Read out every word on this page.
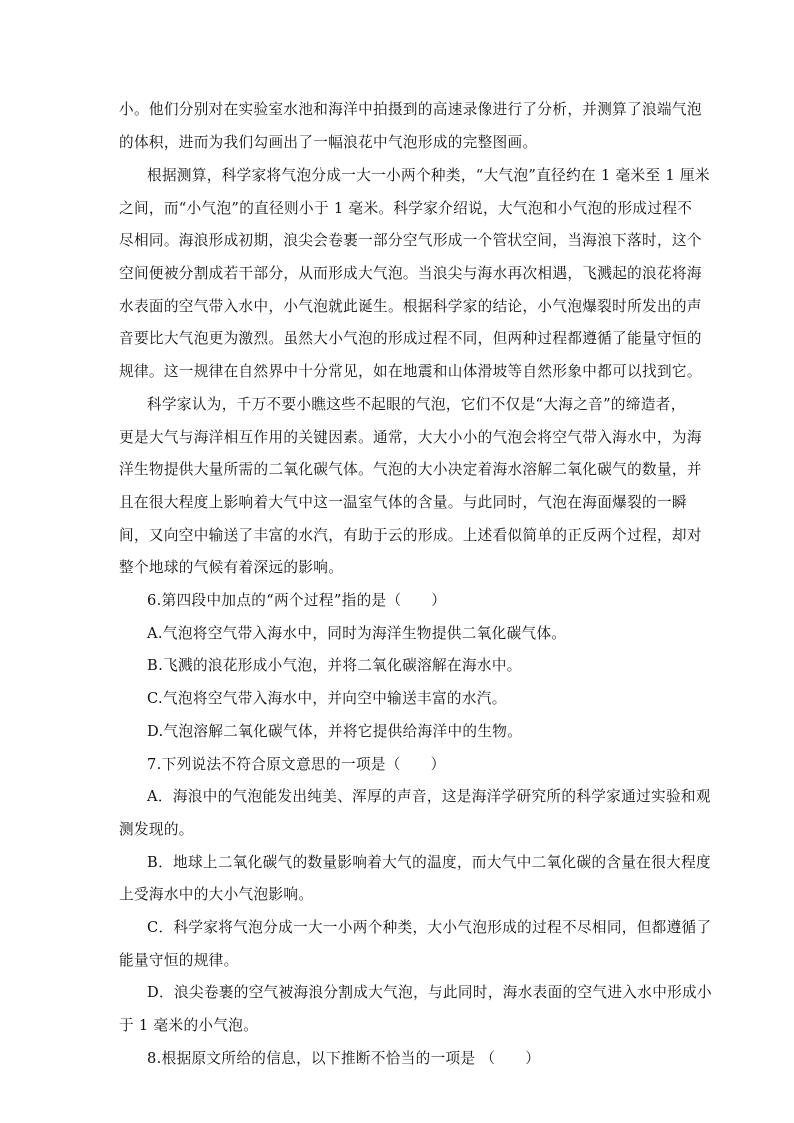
小。他们分别对在实验室水池和海洋中拍摄到的高速录像进行了分析，并测算了浪端气泡
的体积，进而为我们勾画出了一幅浪花中气泡形成的完整图画。
根据测算，科学家将气泡分成一大一小两个种类，“大气泡”直径约在 1 毫米至 1 厘米
之间，而“小气泡”的直径则小于 1 毫米。科学家介绍说，大气泡和小气泡的形成过程不
尽相同。海浪形成初期，浪尖会卷裹一部分空气形成一个管状空间，当海浪下落时，这个
空间便被分割成若干部分，从而形成大气泡。当浪尖与海水再次相遇，飞溅起的浪花将海
水表面的空气带入水中，小气泡就此诞生。根据科学家的结论，小气泡爆裂时所发出的声
音要比大气泡更为激烈。虽然大小气泡的形成过程不同，但两种过程都遵循了能量守恒的
规律。这一规律在自然界中十分常见，如在地震和山体滑坡等自然形象中都可以找到它。
科学家认为，千万不要小瞧这些不起眼的气泡，它们不仅是“大海之音”的缔造者，
更是大气与海洋相互作用的关键因素。通常，大大小小的气泡会将空气带入海水中，为海
洋生物提供大量所需的二氧化碳气体。气泡的大小决定着海水溶解二氧化碳气的数量，并
且在很大程度上影响着大气中这一温室气体的含量。与此同时，气泡在海面爆裂的一瞬
间，又向空中输送了丰富的水汽，有助于云的形成。上述看似简单的正反两个过程，却对
整个地球的气候有着深远的影响。
6.第四段中加点的“两个过程”指的是（　　）
A.气泡将空气带入海水中，同时为海洋生物提供二氧化碳气体。
B.飞溅的浪花形成小气泡，并将二氧化碳溶解在海水中。
C.气泡将空气带入海水中，并向空中输送丰富的水汽。
D.气泡溶解二氧化碳气体，并将它提供给海洋中的生物。
7.下列说法不符合原文意思的一项是（　　）
A．海浪中的气泡能发出纯美、浑厚的声音，这是海洋学研究所的科学家通过实验和观
测发现的。
B．地球上二氧化碳气的数量影响着大气的温度，而大气中二氧化碳的含量在很大程度
上受海水中的大小气泡影响。
C．科学家将气泡分成一大一小两个种类，大小气泡形成的过程不尽相同，但都遵循了
能量守恒的规律。
D．浪尖卷裹的空气被海浪分割成大气泡，与此同时，海水表面的空气进入水中形成小
于 1 毫米的小气泡。
8.根据原文所给的信息，以下推断不恰当的一项是 （　　）
